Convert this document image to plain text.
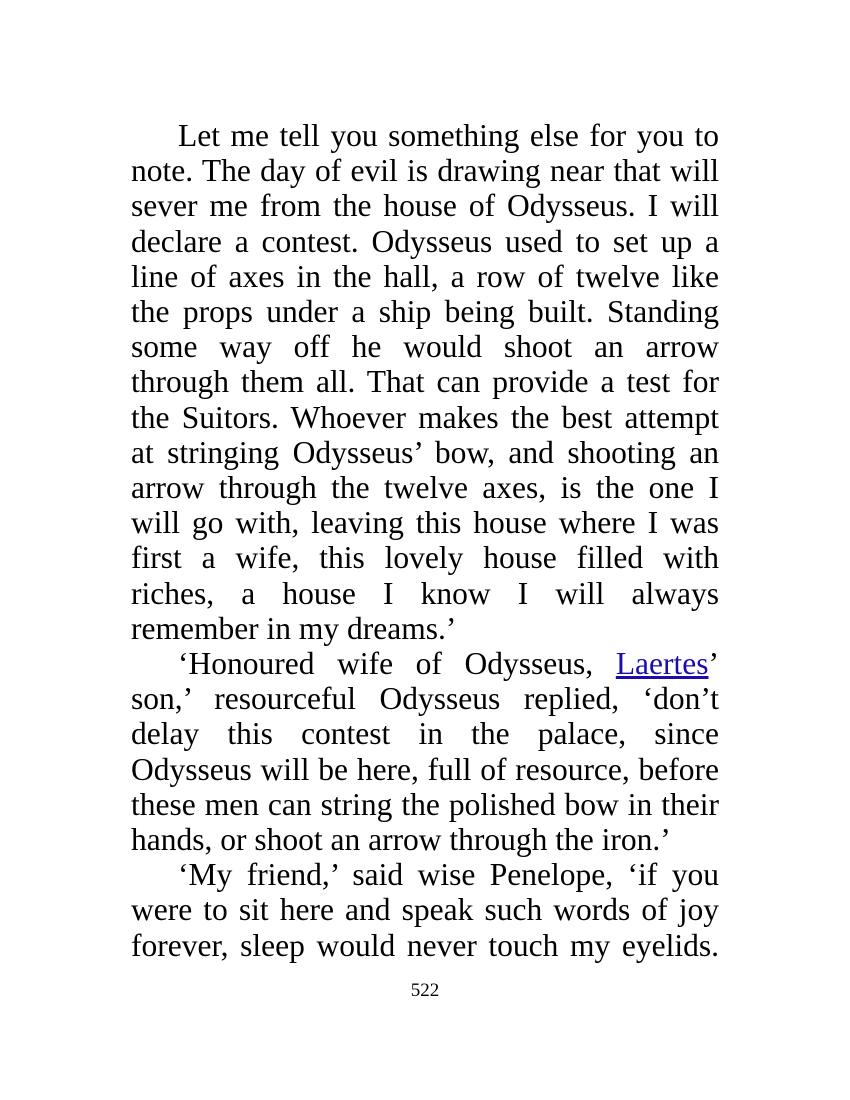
Let me tell you something else for you to note. The day of evil is drawing near that will sever me from the house of Odysseus. I will declare a contest. Odysseus used to set up a line of axes in the hall, a row of twelve like the props under a ship being built. Standing some way off he would shoot an arrow through them all. That can provide a test for the Suitors. Whoever makes the best attempt at stringing Odysseus’ bow, and shooting an arrow through the twelve axes, is the one I will go with, leaving this house where I was first a wife, this lovely house filled with riches, a house I know I will always remember in my dreams.’

‘Honoured wife of Odysseus, Laertes’ son,’ resourceful Odysseus replied, ‘don’t delay this contest in the palace, since Odysseus will be here, full of resource, before these men can string the polished bow in their hands, or shoot an arrow through the iron.’

‘My friend,’ said wise Penelope, ‘if you were to sit here and speak such words of joy forever, sleep would never touch my eyelids.

522
